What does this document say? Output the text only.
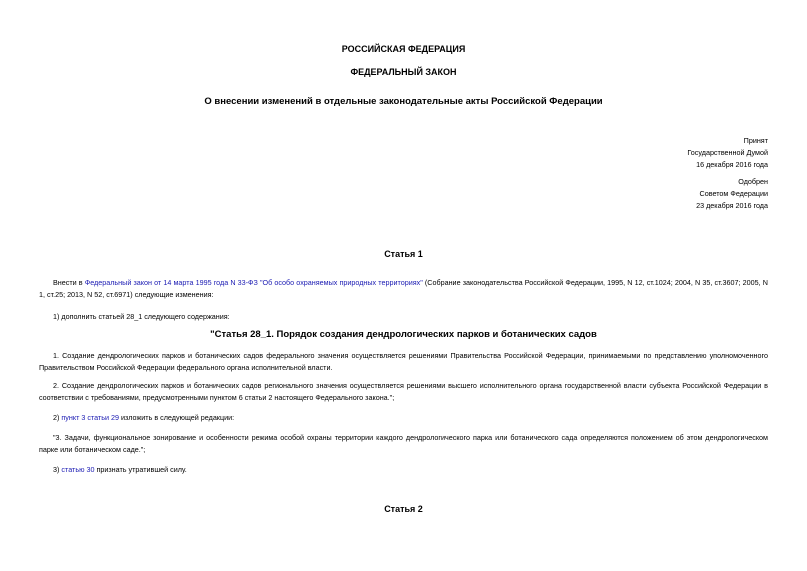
РОССИЙСКАЯ ФЕДЕРАЦИЯ
ФЕДЕРАЛЬНЫЙ ЗАКОН
О внесении изменений в отдельные законодательные акты Российской Федерации
Принят
Государственной Думой
16 декабря 2016 года
Одобрен
Советом Федерации
23 декабря 2016 года
Статья 1
Внести в Федеральный закон от 14 марта 1995 года N 33-ФЗ "Об особо охраняемых природных территориях" (Собрание законодательства Российской Федерации, 1995, N 12, ст.1024; 2004, N 35, ст.3607; 2005, N 1, ст.25; 2013, N 52, ст.6971) следующие изменения:
1) дополнить статьей 28_1 следующего содержания:
"Статья 28_1. Порядок создания дендрологических парков и ботанических садов
1. Создание дендрологических парков и ботанических садов федерального значения осуществляется решениями Правительства Российской Федерации, принимаемыми по представлению уполномоченного Правительством Российской Федерации федерального органа исполнительной власти.
2. Создание дендрологических парков и ботанических садов регионального значения осуществляется решениями высшего исполнительного органа государственной власти субъекта Российской Федерации в соответствии с требованиями, предусмотренными пунктом 6 статьи 2 настоящего Федерального закона.";
2) пункт 3 статьи 29 изложить в следующей редакции:
"3. Задачи, функциональное зонирование и особенности режима особой охраны территории каждого дендрологического парка или ботанического сада определяются положением об этом дендрологическом парке или ботаническом саде.";
3) статью 30 признать утратившей силу.
Статья 2
